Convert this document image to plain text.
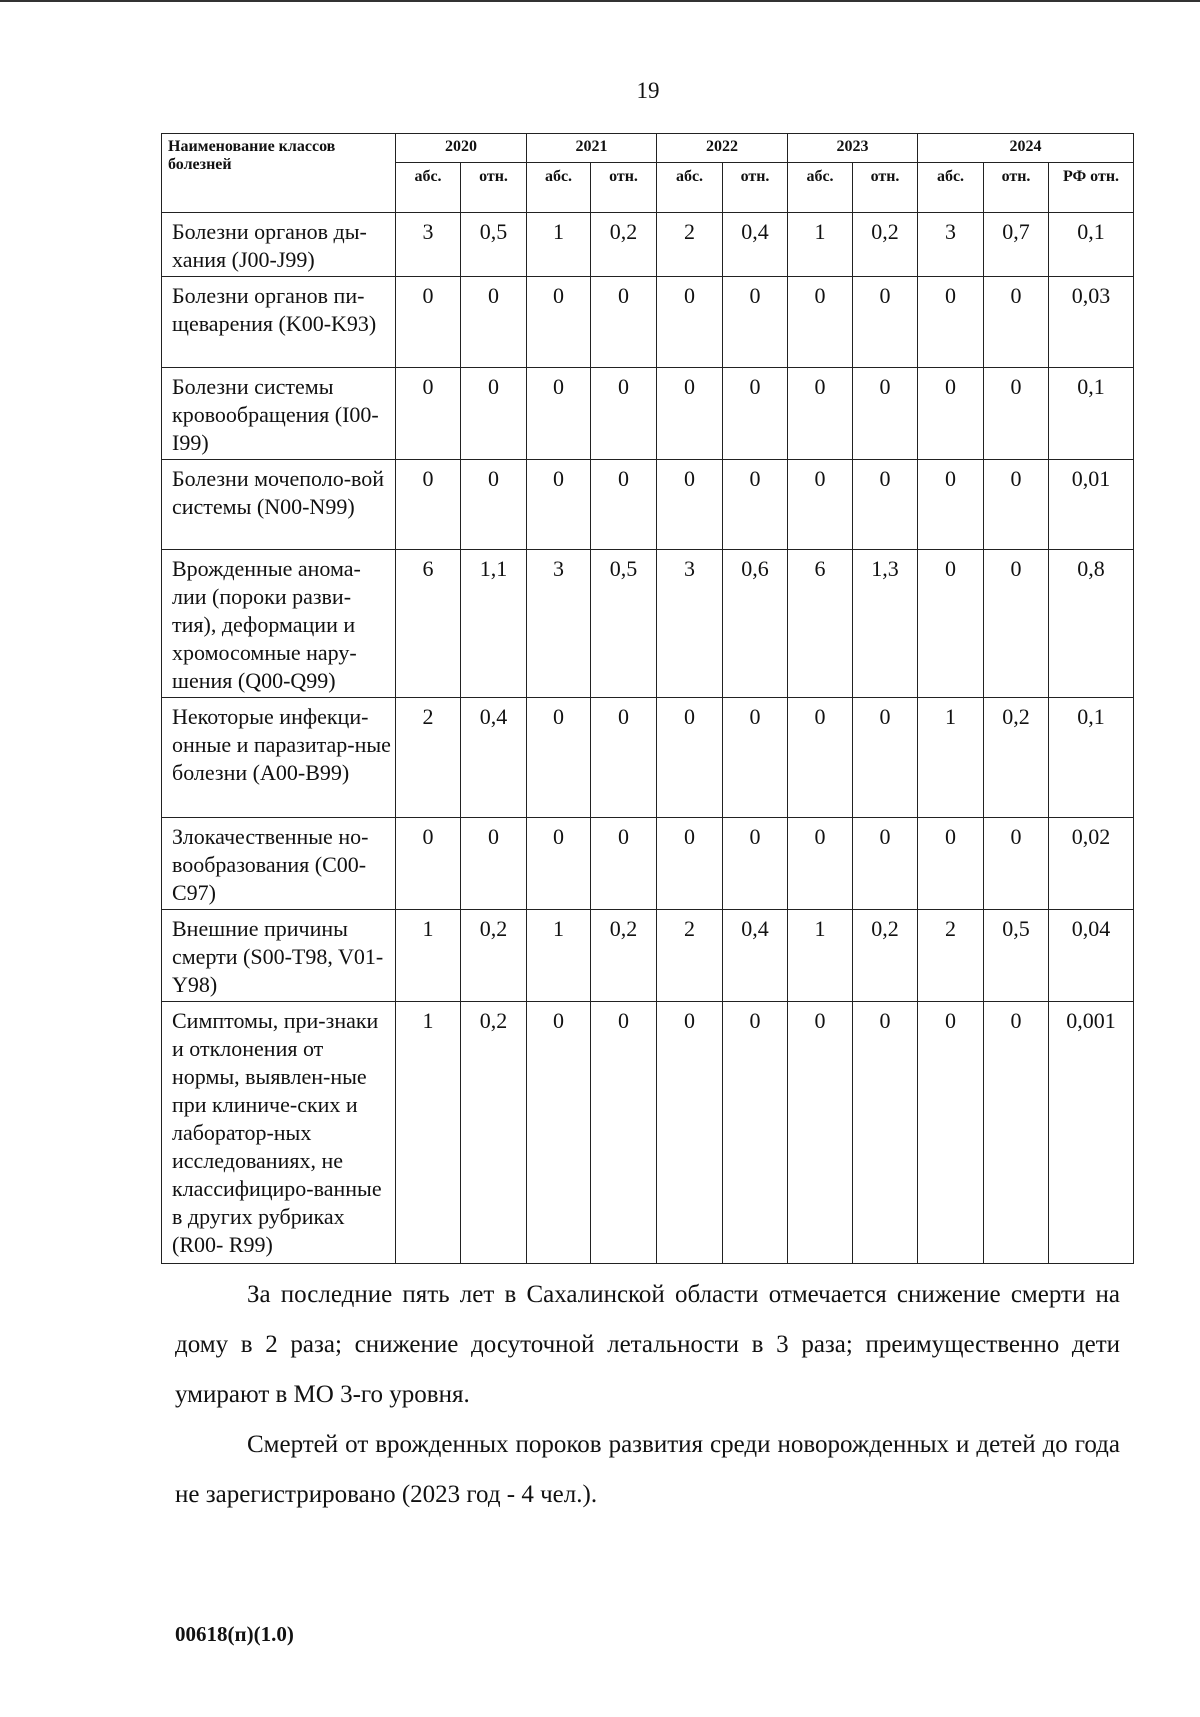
19
Наименование классов болезней	2020		2021		2022		2023		2024		
	абс.	отн.	абс.	отн.	абс.	отн.	абс.	отн.	абс.	отн.	РФ отн.
Болезни органов ды-хания (J00-J99)	3	0,5	1	0,2	2	0,4	1	0,2	3	0,7	0,1
Болезни органов пи-щеварения (K00-K93)	0	0	0	0	0	0	0	0	0	0	0,03
Болезни системы кровообращения (I00- I99)	0	0	0	0	0	0	0	0	0	0	0,1
Болезни мочеполо-вой системы (N00-N99)	0	0	0	0	0	0	0	0	0	0	0,01
Врожденные анома-лии (пороки разви-тия), деформации и хромосомные нару-шения (Q00-Q99)	6	1,1	3	0,5	3	0,6	6	1,3	0	0	0,8
Некоторые инфекци-онные и паразитар-ные болезни (A00-B99)	2	0,4	0	0	0	0	0	0	1	0,2	0,1
Злокачественные но-вообразования (C00-C97)	0	0	0	0	0	0	0	0	0	0	0,02
Внешние причины смерти (S00-T98, V01-Y98)	1	0,2	1	0,2	2	0,4	1	0,2	2	0,5	0,04
Симптомы, при-знаки и отклонения от нормы, выявлен-ные при клиниче-ских и лаборатор-ных исследованиях, не классифициро-ванные в других рубриках (R00- R99)	1	0,2	0	0	0	0	0	0	0	0	0,001

За последние пять лет в Сахалинской области отмечается снижение смерти на дому в 2 раза; снижение досуточной летальности в 3 раза; преимущественно дети умирают в МО 3-го уровня.

Смертей от врожденных пороков развития среди новорожденных и детей до года не зарегистрировано (2023 год - 4 чел.).

00618(п)(1.0)
